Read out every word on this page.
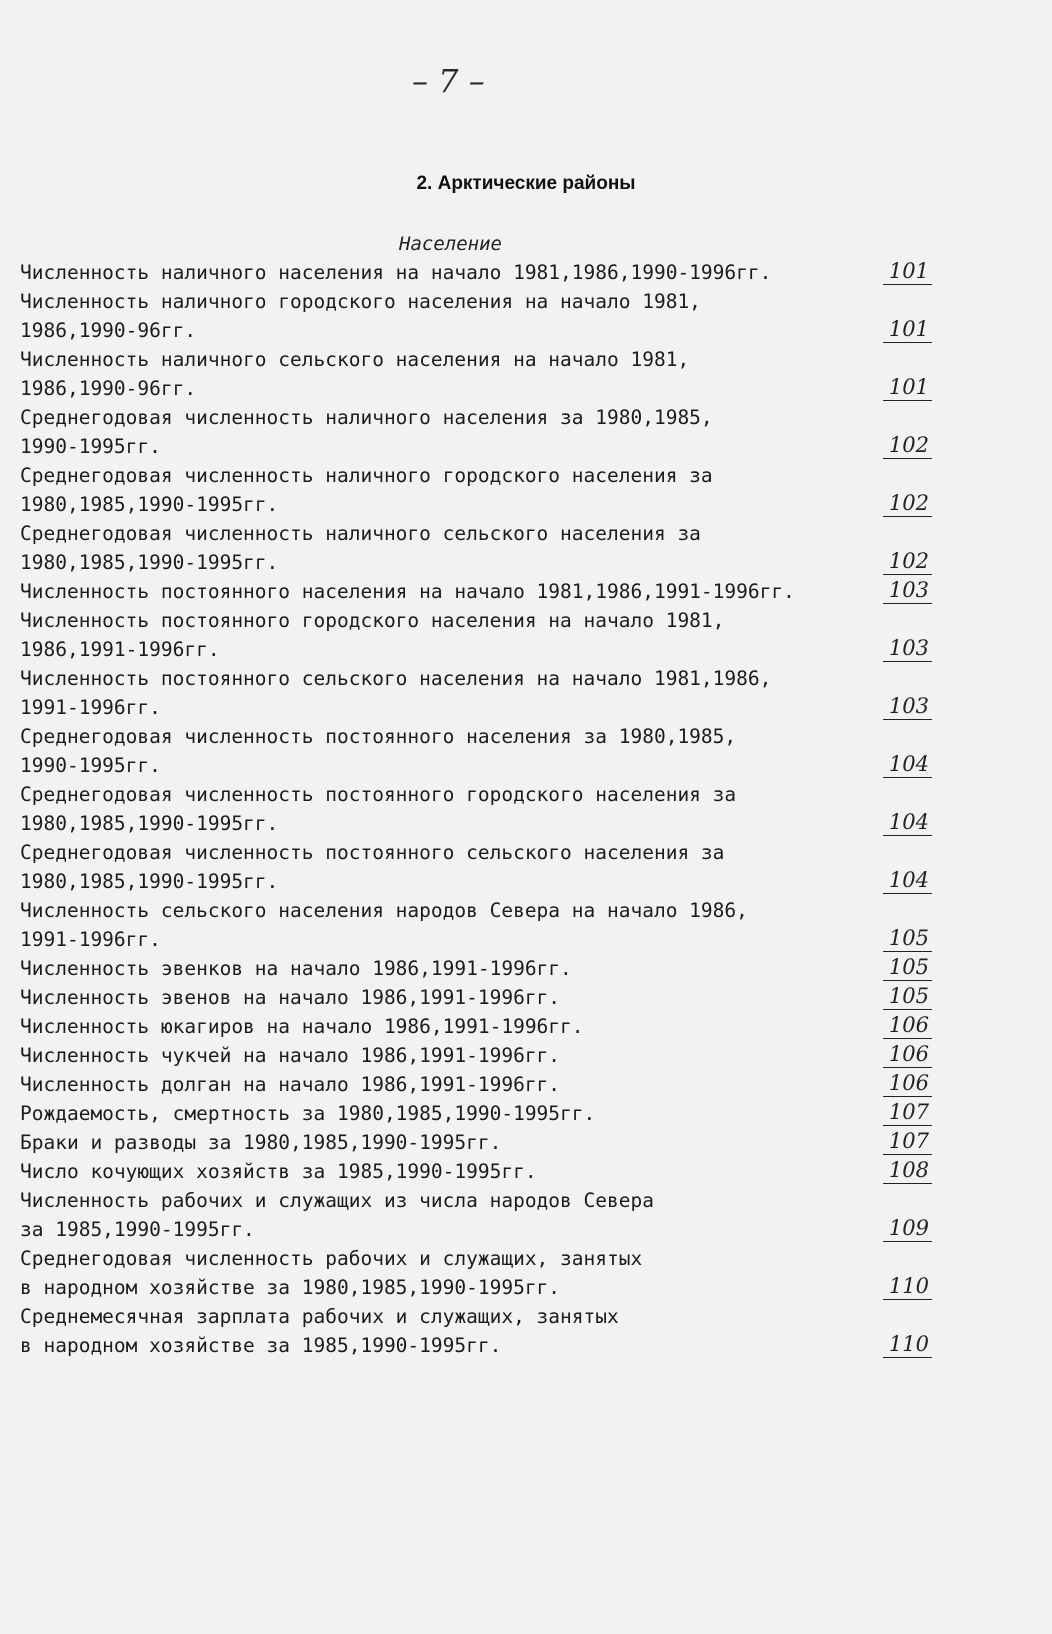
– 7 –
2. Арктические районы
Население
Численность наличного населения на начало 1981,1986,1990-1996гг.	101
Численность наличного городского населения на начало 1981,
1986,1990-96гг.	101
Численность наличного сельского населения на начало 1981,
1986,1990-96гг.	101
Среднегодовая численность наличного населения за 1980,1985,
1990-1995гг.	102
Среднегодовая численность наличного городского населения за
1980,1985,1990-1995гг.	102
Среднегодовая численность наличного сельского населения за
1980,1985,1990-1995гг.	102
Численность постоянного населения на начало 1981,1986,1991-1996гг.	103
Численность постоянного городского населения на начало 1981,
1986,1991-1996гг.	103
Численность постоянного сельского населения на начало 1981,1986,
1991-1996гг.	103
Среднегодовая численность постоянного населения за 1980,1985,
1990-1995гг.	104
Среднегодовая численность постоянного городского населения за
1980,1985,1990-1995гг.	104
Среднегодовая численность постоянного сельского населения за
1980,1985,1990-1995гг.	104
Численность сельского населения народов Севера на начало 1986,
1991-1996гг.	105
Численность эвенков на начало 1986,1991-1996гг.	105
Численность эвенов на начало 1986,1991-1996гг.	105
Численность юкагиров на начало 1986,1991-1996гг.	106
Численность чукчей на начало 1986,1991-1996гг.	106
Численность долган на начало 1986,1991-1996гг.	106
Рождаемость, смертность за 1980,1985,1990-1995гг.	107
Браки и разводы за 1980,1985,1990-1995гг.	107
Число кочующих хозяйств за 1985,1990-1995гг.	108
Численность рабочих и служащих из числа народов Севера
за 1985,1990-1995гг.	109
Среднегодовая численность рабочих и служащих, занятых
в народном хозяйстве за 1980,1985,1990-1995гг.	110
Среднемесячная зарплата рабочих и служащих, занятых
в народном хозяйстве за 1985,1990-1995гг.	110
